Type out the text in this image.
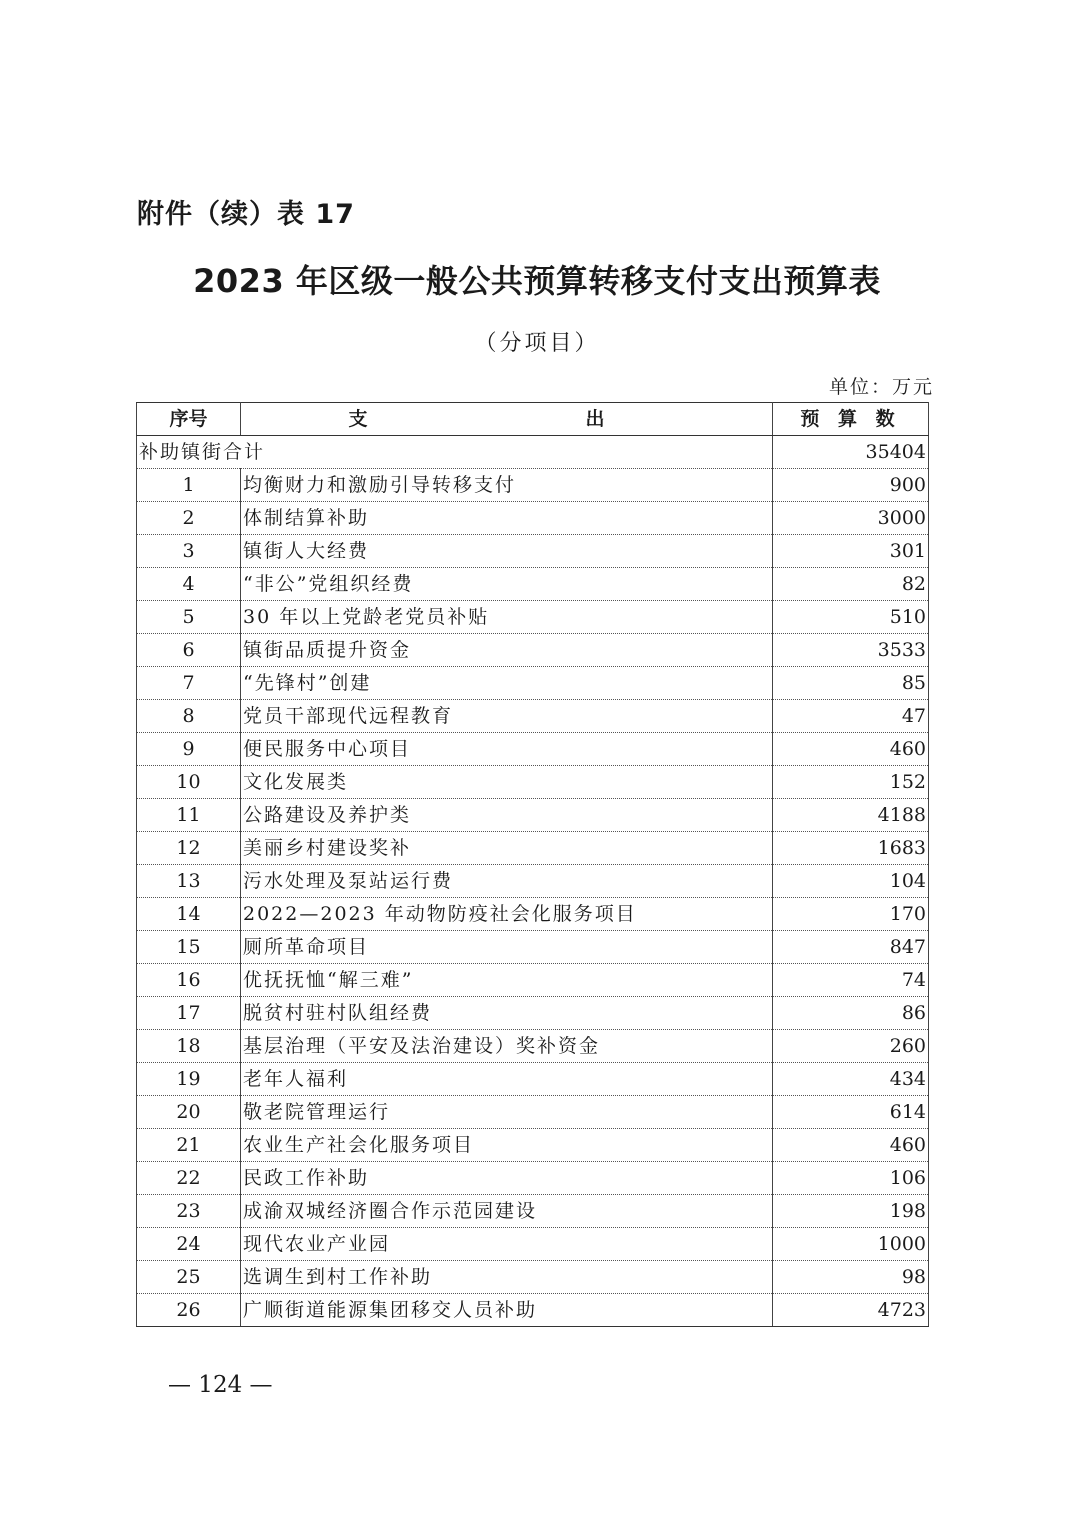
附件（续）表 17
2023 年区级一般公共预算转移支付支出预算表
（分项目）
单位：万元
序号	支　　出	预 算 数
补助镇街合计		35404
1	均衡财力和激励引导转移支付	900
2	体制结算补助	3000
3	镇街人大经费	301
4	“非公”党组织经费	82
5	30 年以上党龄老党员补贴	510
6	镇街品质提升资金	3533
7	“先锋村”创建	85
8	党员干部现代远程教育	47
9	便民服务中心项目	460
10	文化发展类	152
11	公路建设及养护类	4188
12	美丽乡村建设奖补	1683
13	污水处理及泵站运行费	104
14	2022—2023 年动物防疫社会化服务项目	170
15	厕所革命项目	847
16	优抚抚恤“解三难”	74
17	脱贫村驻村队组经费	86
18	基层治理（平安及法治建设）奖补资金	260
19	老年人福利	434
20	敬老院管理运行	614
21	农业生产社会化服务项目	460
22	民政工作补助	106
23	成渝双城经济圈合作示范园建设	198
24	现代农业产业园	1000
25	选调生到村工作补助	98
26	广顺街道能源集团移交人员补助	4723
— 124 —
